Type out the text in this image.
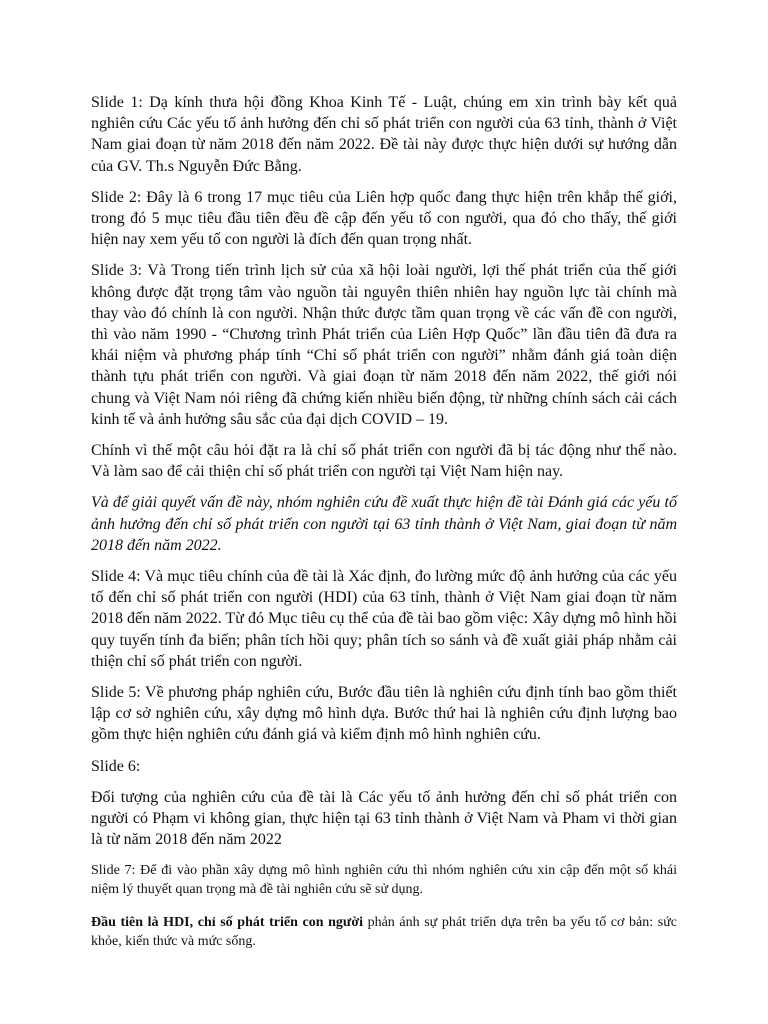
Slide 1: Dạ kính thưa hội đồng Khoa Kinh Tế - Luật, chúng em xin trình bày kết quả nghiên cứu Các yếu tố ảnh hưởng đến chỉ số phát triển con người của 63 tỉnh, thành ở Việt Nam giai đoạn từ năm 2018 đến năm 2022. Đề tài này được thực hiện dưới sự hướng dẫn của GV. Th.s Nguyễn Đức Bằng.

Slide 2: Đây là 6 trong 17 mục tiêu của Liên hợp quốc đang thực hiện trên khắp thế giới, trong đó 5 mục tiêu đầu tiên đều đề cập đến yếu tố con người, qua đó cho thấy, thế giới hiện nay xem yếu tố con người là đích đến quan trọng nhất.

Slide 3: Và Trong tiến trình lịch sử của xã hội loài người, lợi thế phát triển của thế giới không được đặt trọng tâm vào nguồn tài nguyên thiên nhiên hay nguồn lực tài chính mà thay vào đó chính là con người. Nhận thức được tầm quan trọng về các vấn đề con người, thì vào năm 1990 - “Chương trình Phát triển của Liên Hợp Quốc” lần đầu tiên đã đưa ra khái niệm và phương pháp tính “Chỉ số phát triển con người” nhằm đánh giá toàn diện thành tựu phát triển con người. Và giai đoạn từ năm 2018 đến năm 2022, thế giới nói chung và Việt Nam nói riêng đã chứng kiến nhiều biến động, từ những chính sách cải cách kinh tế và ảnh hưởng sâu sắc của đại dịch COVID – 19.

Chính vì thế một câu hỏi đặt ra là chỉ số phát triển con người đã bị tác động như thế nào. Và làm sao để cải thiện chỉ số phát triển con người tại Việt Nam hiện nay.

Và để giải quyết vấn đề này, nhóm nghiên cứu đề xuất thực hiện đề tài Đánh giá các yếu tố ảnh hưởng đến chỉ số phát triển con người tại 63 tỉnh thành ở Việt Nam, giai đoạn từ năm 2018 đến năm 2022.

Slide 4: Và mục tiêu chính của đề tài là Xác định, đo lường mức độ ảnh hưởng của các yếu tố đến chỉ số phát triển con người (HDI) của 63 tỉnh, thành ở Việt Nam giai đoạn từ năm 2018 đến năm 2022. Từ đó Mục tiêu cụ thể của đề tài bao gồm việc: Xây dựng mô hình hồi quy tuyến tính đa biến; phân tích hồi quy; phân tích so sánh và đề xuất giải pháp nhằm cải thiện chỉ số phát triển con người.

Slide 5: Về phương pháp nghiên cứu, Bước đầu tiên là nghiên cứu định tính bao gồm thiết lập cơ sở nghiên cứu, xây dựng mô hình dựa. Bước thứ hai là nghiên cứu định lượng bao gồm thực hiện nghiên cứu đánh giá và kiểm định mô hình nghiên cứu.

Slide 6:

Đối tượng của nghiên cứu của đề tài là Các yếu tố ảnh hưởng đến chỉ số phát triển con người có Phạm vi không gian, thực hiện tại 63 tỉnh thành ở Việt Nam và Pham vi thời gian là từ năm 2018 đến năm 2022

Slide 7: Để đi vào phần xây dựng mô hình nghiên cứu thì nhóm nghiên cứu xin cập đến một số khái niệm lý thuyết quan trọng mà đề tài nghiên cứu sẽ sử dụng.

Đầu tiên là HDI, chỉ số phát triển con người phản ánh sự phát triển dựa trên ba yếu tố cơ bản: sức khỏe, kiến thức và mức sống.
